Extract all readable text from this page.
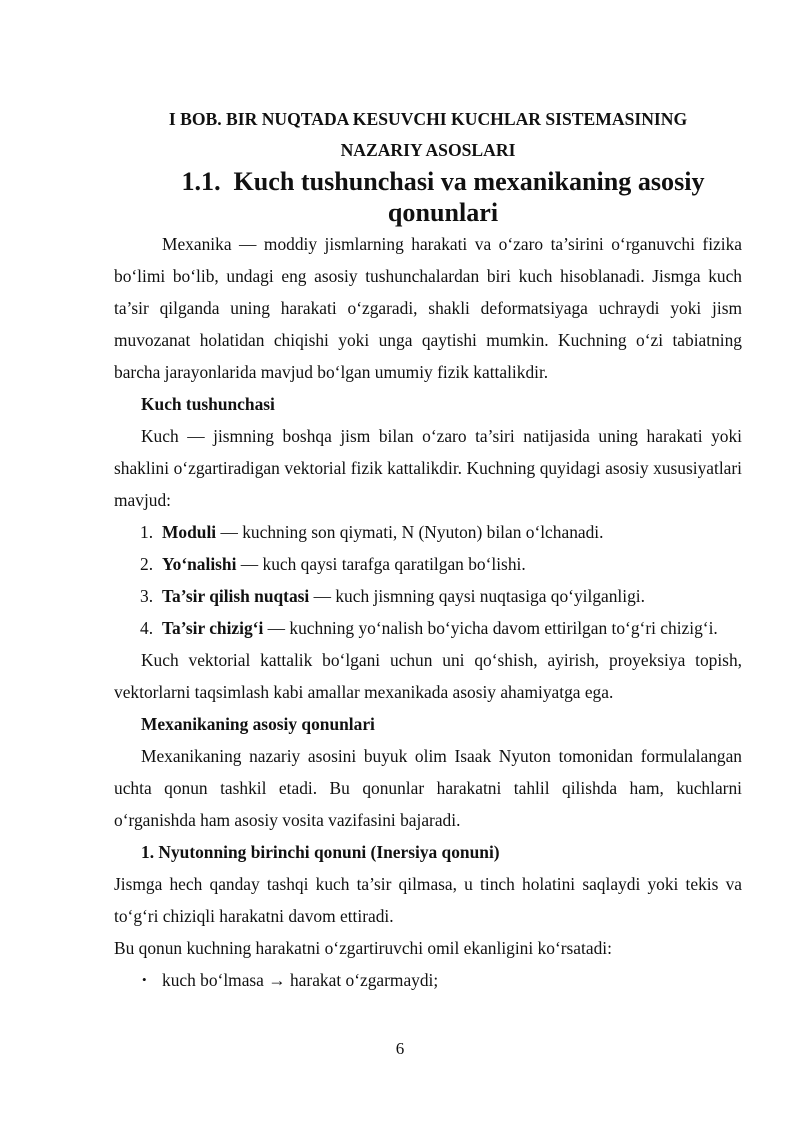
I BOB. BIR NUQTADA KESUVCHI KUCHLAR SISTEMASINING
NAZARIY ASOSLARI
1.1. Kuch tushunchasi va mexanikaning asosiy qonunlari

Mexanika — moddiy jismlarning harakati va o‘zaro ta’sirini o‘rganuvchi fizika bo‘limi bo‘lib, undagi eng asosiy tushunchalardan biri kuch hisoblanadi. Jismga kuch ta’sir qilganda uning harakati o‘zgaradi, shakli deformatsiyaga uchraydi yoki jism muvozanat holatidan chiqishi yoki unga qaytishi mumkin. Kuchning o‘zi tabiatning barcha jarayonlarida mavjud bo‘lgan umumiy fizik kattalikdir.

Kuch tushunchasi

Kuch — jismning boshqa jism bilan o‘zaro ta’siri natijasida uning harakati yoki shaklini o‘zgartiradigan vektorial fizik kattalikdir. Kuchning quyidagi asosiy xususiyatlari mavjud:

1. Moduli — kuchning son qiymati, N (Nyuton) bilan o‘lchanadi.
2. Yo‘nalishi — kuch qaysi tarafga qaratilgan bo‘lishi.
3. Ta’sir qilish nuqtasi — kuch jismning qaysi nuqtasiga qo‘yilganligi.
4. Ta’sir chizig‘i — kuchning yo‘nalish bo‘yicha davom ettirilgan to‘g‘ri chizig‘i.

Kuch vektorial kattalik bo‘lgani uchun uni qo‘shish, ayirish, proyeksiya topish, vektorlarni taqsimlash kabi amallar mexanikada asosiy ahamiyatga ega.

Mexanikaning asosiy qonunlari

Mexanikaning nazariy asosini buyuk olim Isaak Nyuton tomonidan formulalangan uchta qonun tashkil etadi. Bu qonunlar harakatni tahlil qilishda ham, kuchlarni o‘rganishda ham asosiy vosita vazifasini bajaradi.

1. Nyutonning birinchi qonuni (Inersiya qonuni)

Jismga hech qanday tashqi kuch ta’sir qilmasa, u tinch holatini saqlaydi yoki tekis va to‘g‘ri chiziqli harakatni davom ettiradi.

Bu qonun kuchning harakatni o‘zgartiruvchi omil ekanligini ko‘rsatadi:

• kuch bo‘lmasa → harakat o‘zgarmaydi;
6
